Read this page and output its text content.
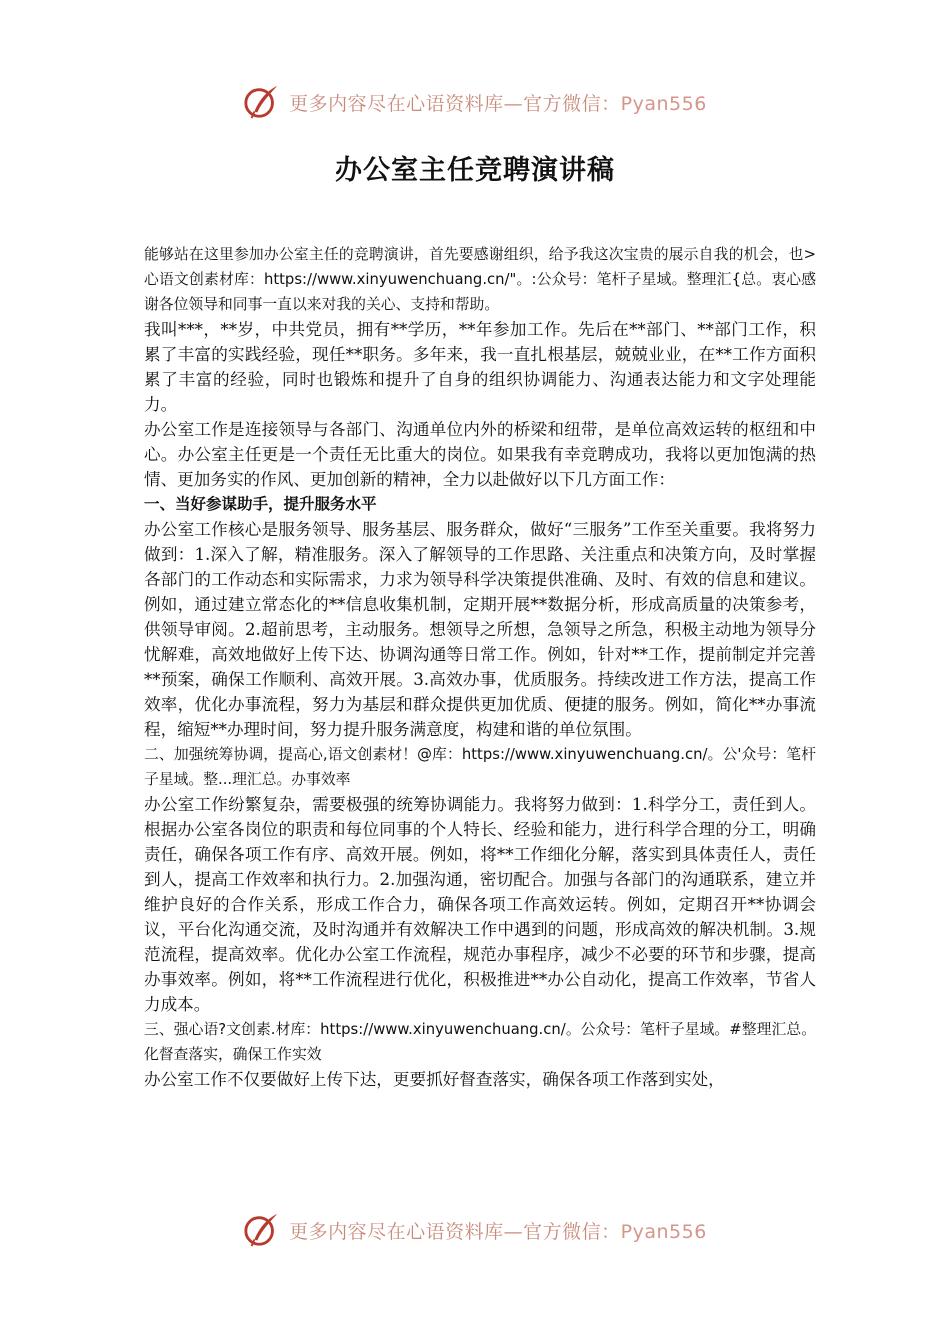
更多内容尽在心语资料库—官方微信：Pyan556
办公室主任竞聘演讲稿

能够站在这里参加办公室主任的竞聘演讲，首先要感谢组织，给予我这次宝贵的展示自我的机会，也>心语文创素材库：https://www.xinyuwenchuang.cn/"。:公众号：笔杆子星域。整理汇{总。衷心感谢各位领导和同事一直以来对我的关心、支持和帮助。

我叫***，**岁，中共党员，拥有**学历，**年参加工作。先后在**部门、**部门工作，积累了丰富的实践经验，现任**职务。多年来，我一直扎根基层，兢兢业业，在**工作方面积累了丰富的经验，同时也锻炼和提升了自身的组织协调能力、沟通表达能力和文字处理能力。

办公室工作是连接领导与各部门、沟通单位内外的桥梁和纽带，是单位高效运转的枢纽和中心。办公室主任更是一个责任无比重大的岗位。如果我有幸竞聘成功，我将以更加饱满的热情、更加务实的作风、更加创新的精神，全力以赴做好以下几方面工作：

一、当好参谋助手，提升服务水平

办公室工作核心是服务领导、服务基层、服务群众，做好“三服务”工作至关重要。我将努力做到：1.深入了解，精准服务。深入了解领导的工作思路、关注重点和决策方向，及时掌握各部门的工作动态和实际需求，力求为领导科学决策提供准确、及时、有效的信息和建议。例如，通过建立常态化的**信息收集机制，定期开展**数据分析，形成高质量的决策参考，供领导审阅。2.超前思考，主动服务。想领导之所想，急领导之所急，积极主动地为领导分忧解难，高效地做好上传下达、协调沟通等日常工作。例如，针对**工作，提前制定并完善**预案，确保工作顺利、高效开展。3.高效办事，优质服务。持续改进工作方法，提高工作效率，优化办事流程，努力为基层和群众提供更加优质、便捷的服务。例如，简化**办事流程，缩短**办理时间，努力提升服务满意度，构建和谐的单位氛围。

二、加强统筹协调，提高心,语文创素材！@库：https://www.xinyuwenchuang.cn/。公'众号：笔杆子星域。整...理汇总。办事效率

办公室工作纷繁复杂，需要极强的统筹协调能力。我将努力做到：1.科学分工，责任到人。根据办公室各岗位的职责和每位同事的个人特长、经验和能力，进行科学合理的分工，明确责任，确保各项工作有序、高效开展。例如，将**工作细化分解，落实到具体责任人，责任到人，提高工作效率和执行力。2.加强沟通，密切配合。加强与各部门的沟通联系，建立并维护良好的合作关系，形成工作合力，确保各项工作高效运转。例如，定期召开**协调会议，平台化沟通交流，及时沟通并有效解决工作中遇到的问题，形成高效的解决机制。3.规范流程，提高效率。优化办公室工作流程，规范办事程序，减少不必要的环节和步骤，提高办事效率。例如，将**工作流程进行优化，积极推进**办公自动化，提高工作效率，节省人力成本。

三、强心语?文创素.材库：https://www.xinyuwenchuang.cn/。公众号：笔杆子星域。#整理汇总。化督查落实，确保工作实效

办公室工作不仅要做好上传下达，更要抓好督查落实，确保各项工作落到实处，

更多内容尽在心语资料库—官方微信：Pyan556
